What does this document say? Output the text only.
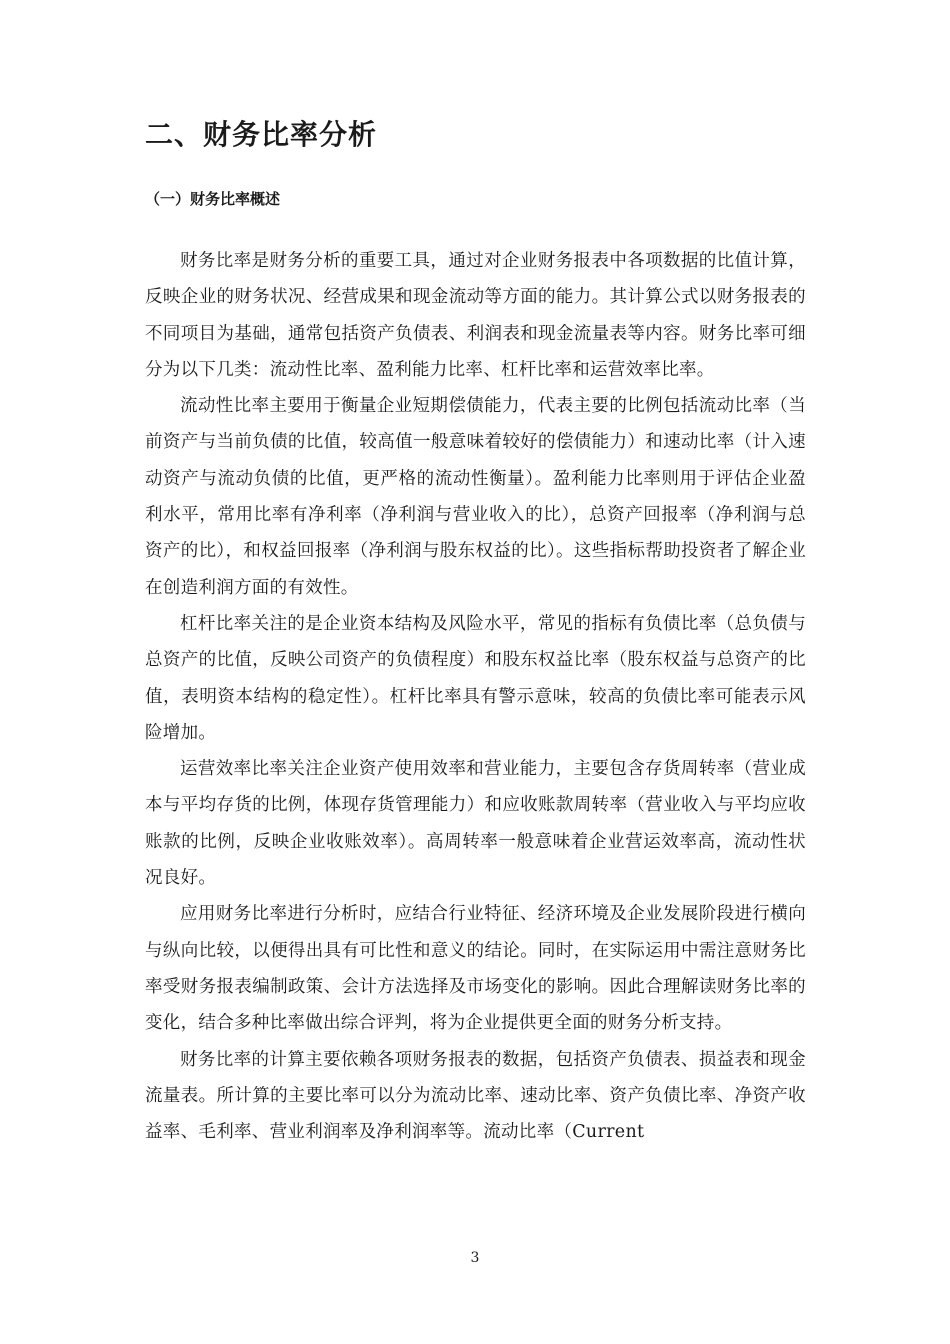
二、财务比率分析
（一）财务比率概述

财务比率是财务分析的重要工具，通过对企业财务报表中各项数据的比值计算，反映企业的财务状况、经营成果和现金流动等方面的能力。其计算公式以财务报表的不同项目为基础，通常包括资产负债表、利润表和现金流量表等内容。财务比率可细分为以下几类：流动性比率、盈利能力比率、杠杆比率和运营效率比率。

流动性比率主要用于衡量企业短期偿债能力，代表主要的比例包括流动比率（当前资产与当前负债的比值，较高值一般意味着较好的偿债能力）和速动比率（计入速动资产与流动负债的比值，更严格的流动性衡量）。盈利能力比率则用于评估企业盈利水平，常用比率有净利率（净利润与营业收入的比），总资产回报率（净利润与总资产的比），和权益回报率（净利润与股东权益的比）。这些指标帮助投资者了解企业在创造利润方面的有效性。

杠杆比率关注的是企业资本结构及风险水平，常见的指标有负债比率（总负债与总资产的比值，反映公司资产的负债程度）和股东权益比率（股东权益与总资产的比值，表明资本结构的稳定性）。杠杆比率具有警示意味，较高的负债比率可能表示风险增加。

运营效率比率关注企业资产使用效率和营业能力，主要包含存货周转率（营业成本与平均存货的比例，体现存货管理能力）和应收账款周转率（营业收入与平均应收账款的比例，反映企业收账效率）。高周转率一般意味着企业营运效率高，流动性状况良好。

应用财务比率进行分析时，应结合行业特征、经济环境及企业发展阶段进行横向与纵向比较，以便得出具有可比性和意义的结论。同时，在实际运用中需注意财务比率受财务报表编制政策、会计方法选择及市场变化的影响。因此合理解读财务比率的变化，结合多种比率做出综合评判，将为企业提供更全面的财务分析支持。

财务比率的计算主要依赖各项财务报表的数据，包括资产负债表、损益表和现金流量表。所计算的主要比率可以分为流动比率、速动比率、资产负债比率、净资产收益率、毛利率、营业利润率及净利润率等。流动比率（Current

3
